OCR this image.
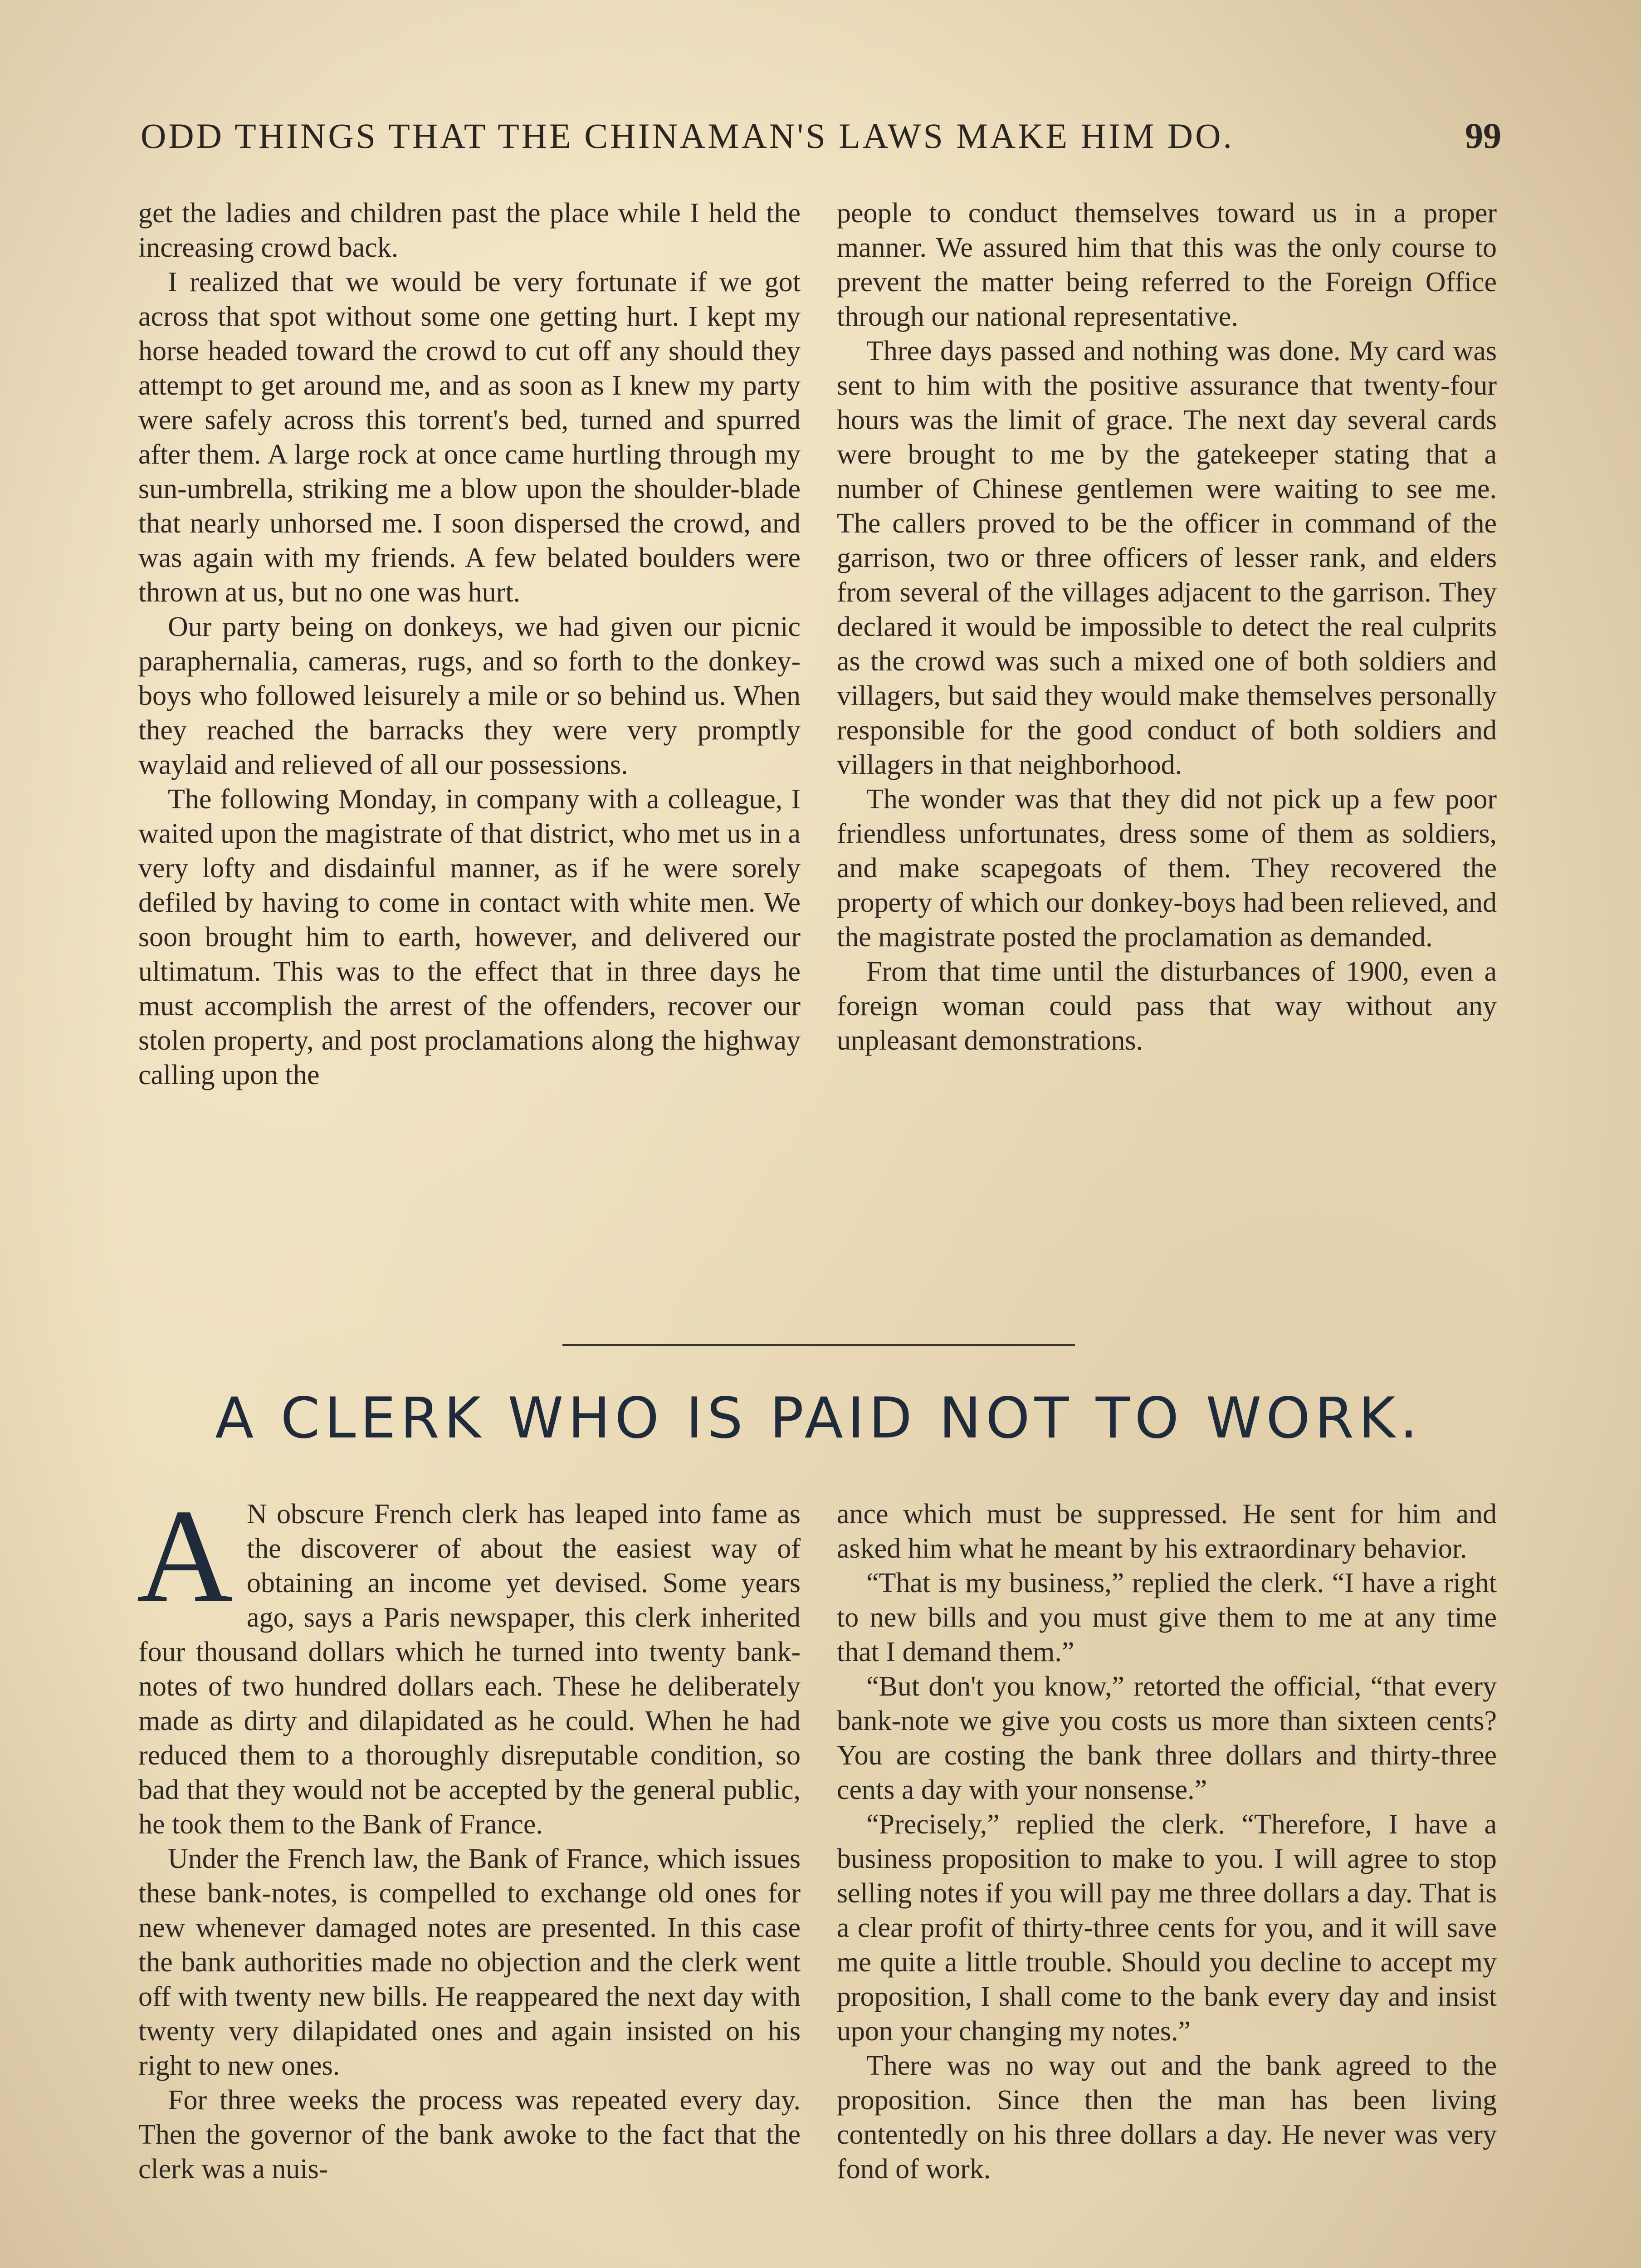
ODD THINGS THAT THE CHINAMAN'S LAWS MAKE HIM DO.	99

get the ladies and children past the place while I held the increasing crowd back.

I realized that we would be very fortunate if we got across that spot without some one getting hurt. I kept my horse headed toward the crowd to cut off any should they attempt to get around me, and as soon as I knew my party were safely across this torrent's bed, turned and spurred after them. A large rock at once came hurtling through my sun-umbrella, striking me a blow upon the shoulder-blade that nearly unhorsed me. I soon dispersed the crowd, and was again with my friends. A few belated boulders were thrown at us, but no one was hurt.

Our party being on donkeys, we had given our picnic paraphernalia, cameras, rugs, and so forth to the donkey-boys who followed leisurely a mile or so behind us. When they reached the barracks they were very promptly waylaid and relieved of all our possessions.

The following Monday, in company with a colleague, I waited upon the magistrate of that district, who met us in a very lofty and disdainful manner, as if he were sorely defiled by having to come in contact with white men. We soon brought him to earth, however, and delivered our ultimatum. This was to the effect that in three days he must accomplish the arrest of the offenders, recover our stolen property, and post proclamations along the highway calling upon the

people to conduct themselves toward us in a proper manner. We assured him that this was the only course to prevent the matter being referred to the Foreign Office through our national representative.

Three days passed and nothing was done. My card was sent to him with the positive assurance that twenty-four hours was the limit of grace. The next day several cards were brought to me by the gatekeeper stating that a number of Chinese gentlemen were waiting to see me. The callers proved to be the officer in command of the garrison, two or three officers of lesser rank, and elders from several of the villages adjacent to the garrison. They declared it would be impossible to detect the real culprits as the crowd was such a mixed one of both soldiers and villagers, but said they would make themselves personally responsible for the good conduct of both soldiers and villagers in that neighborhood.

The wonder was that they did not pick up a few poor friendless unfortunates, dress some of them as soldiers, and make scapegoats of them. They recovered the property of which our donkey-boys had been relieved, and the magistrate posted the proclamation as demanded.

From that time until the disturbances of 1900, even a foreign woman could pass that way without any unpleasant demonstrations.

A CLERK WHO IS PAID NOT TO WORK.

A N obscure French clerk has leaped into fame as the discoverer of about the easiest way of obtaining an income yet devised. Some years ago, says a Paris newspaper, this clerk inherited four thousand dollars which he turned into twenty bank-notes of two hundred dollars each. These he deliberately made as dirty and dilapidated as he could. When he had reduced them to a thoroughly disreputable condition, so bad that they would not be accepted by the general public, he took them to the Bank of France.

Under the French law, the Bank of France, which issues these bank-notes, is compelled to exchange old ones for new whenever damaged notes are presented. In this case the bank authorities made no objection and the clerk went off with twenty new bills. He reappeared the next day with twenty very dilapidated ones and again insisted on his right to new ones.

For three weeks the process was repeated every day. Then the governor of the bank awoke to the fact that the clerk was a nuis-

ance which must be suppressed. He sent for him and asked him what he meant by his extraordinary behavior.

“That is my business,” replied the clerk. “I have a right to new bills and you must give them to me at any time that I demand them.”

“But don't you know,” retorted the official, “that every bank-note we give you costs us more than sixteen cents? You are costing the bank three dollars and thirty-three cents a day with your nonsense.”

“Precisely,” replied the clerk. “Therefore, I have a business proposition to make to you. I will agree to stop selling notes if you will pay me three dollars a day. That is a clear profit of thirty-three cents for you, and it will save me quite a little trouble. Should you decline to accept my proposition, I shall come to the bank every day and insist upon your changing my notes.”

There was no way out and the bank agreed to the proposition. Since then the man has been living contentedly on his three dollars a day. He never was very fond of work.
